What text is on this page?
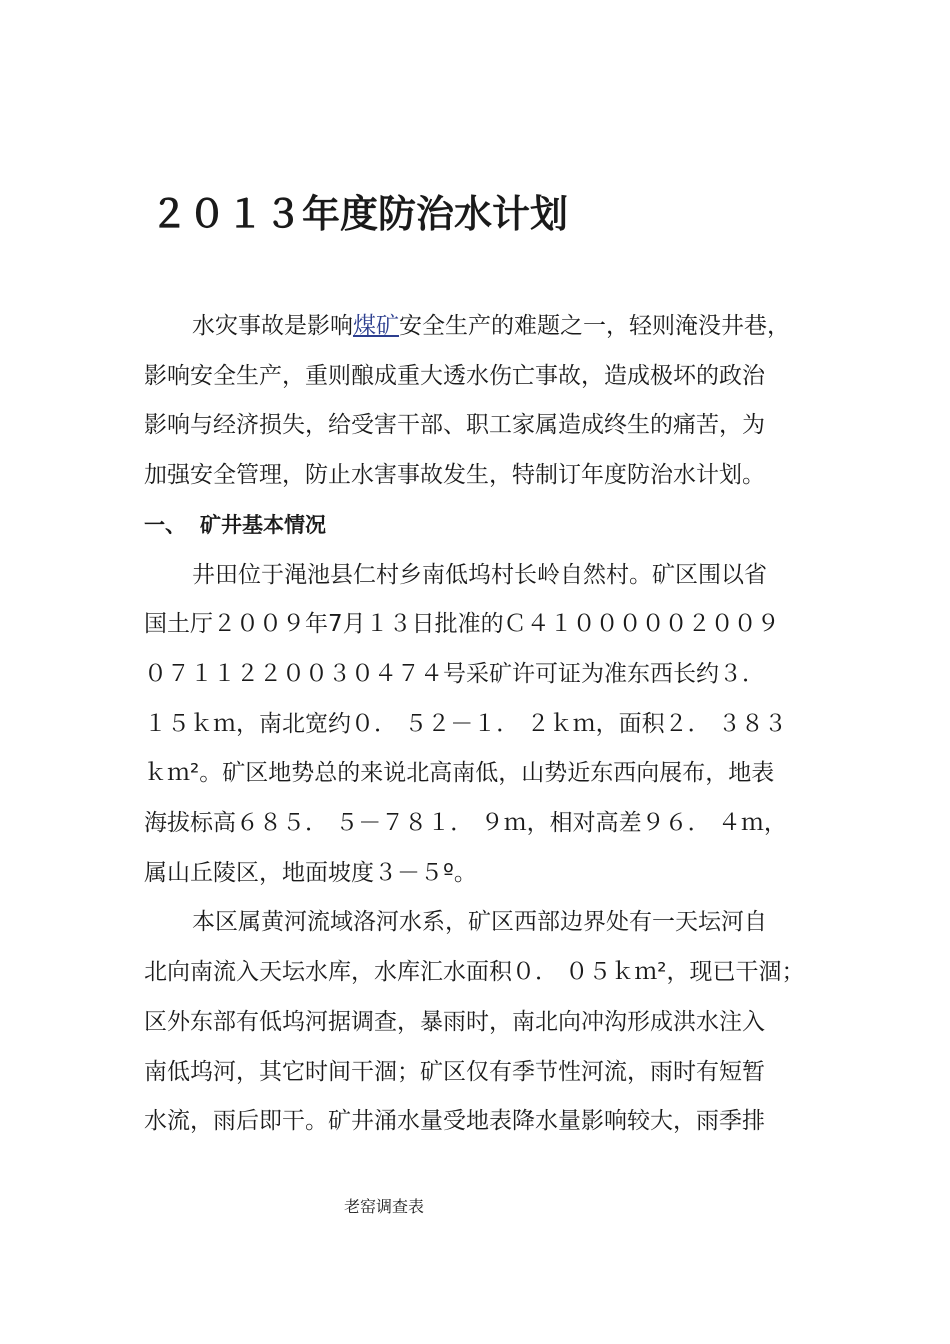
２０１３年度防治水计划

水灾事故是影响煤矿安全生产的难题之一，轻则淹没井巷，
影响安全生产，重则酿成重大透水伤亡事故，造成极坏的政治
影响与经济损失，给受害干部、职工家属造成终生的痛苦，为
加强安全管理，防止水害事故发生，特制订年度防治水计划。

一、 矿井基本情况

井田位于渑池县仁村乡南低坞村长岭自然村。矿区围以省
国土厅２００９年7月１３日批准的Ｃ４１０００００２００９
０７１１２２００３０４７４号采矿许可证为准东西长约３．
１５ｋｍ，南北宽约０． ５２－１． ２ｋｍ，面积２． ３８３
ｋｍ²。矿区地势总的来说北高南低，山势近东西向展布，地表
海拔标高６８５． ５－７８１． ９ｍ，相对高差９６． ４ｍ，
属山丘陵区，地面坡度３－５º。

本区属黄河流域洛河水系，矿区西部边界处有一天坛河自
北向南流入天坛水库，水库汇水面积０． ０５ｋｍ²，现已干涸；
区外东部有低坞河据调查，暴雨时，南北向冲沟形成洪水注入
南低坞河，其它时间干涸；矿区仅有季节性河流，雨时有短暂
水流，雨后即干。矿井涌水量受地表降水量影响较大，雨季排

老窑调查表
